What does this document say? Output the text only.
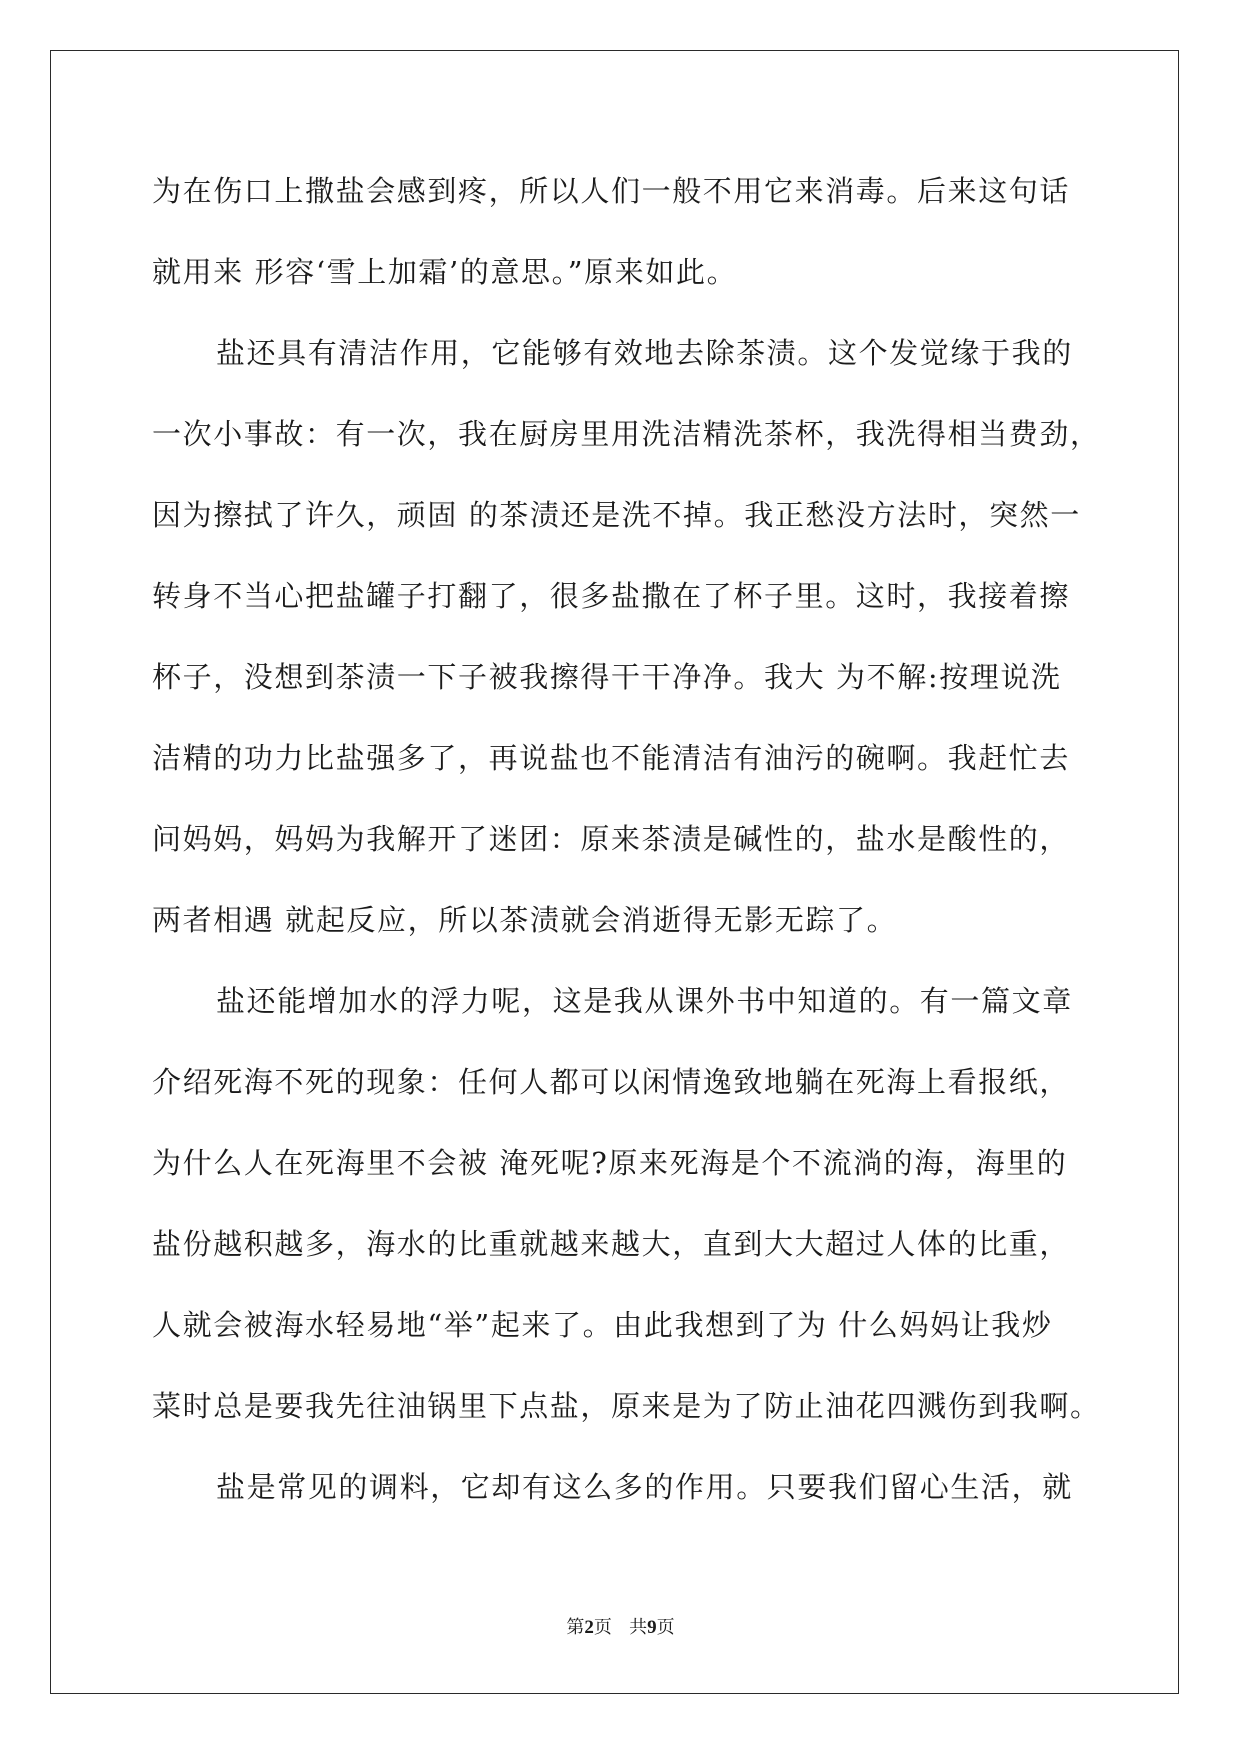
为在伤口上撒盐会感到疼，所以人们一般不用它来消毒。后来这句话
就用来 形容‘雪上加霜’的意思。”原来如此。
盐还具有清洁作用，它能够有效地去除茶渍。这个发觉缘于我的
一次小事故：有一次，我在厨房里用洗洁精洗茶杯，我洗得相当费劲，
因为擦拭了许久，顽固 的茶渍还是洗不掉。我正愁没方法时，突然一
转身不当心把盐罐子打翻了，很多盐撒在了杯子里。这时，我接着擦
杯子，没想到茶渍一下子被我擦得干干净净。我大 为不解:按理说洗
洁精的功力比盐强多了，再说盐也不能清洁有油污的碗啊。我赶忙去
问妈妈，妈妈为我解开了迷团：原来茶渍是碱性的，盐水是酸性的，
两者相遇 就起反应，所以茶渍就会消逝得无影无踪了。
盐还能增加水的浮力呢，这是我从课外书中知道的。有一篇文章
介绍死海不死的现象：任何人都可以闲情逸致地躺在死海上看报纸，
为什么人在死海里不会被 淹死呢?原来死海是个不流淌的海，海里的
盐份越积越多，海水的比重就越来越大，直到大大超过人体的比重，
人就会被海水轻易地“举”起来了。由此我想到了为 什么妈妈让我炒
菜时总是要我先往油锅里下点盐，原来是为了防止油花四溅伤到我啊。
盐是常见的调料，它却有这么多的作用。只要我们留心生活，就
第2页 共9页
